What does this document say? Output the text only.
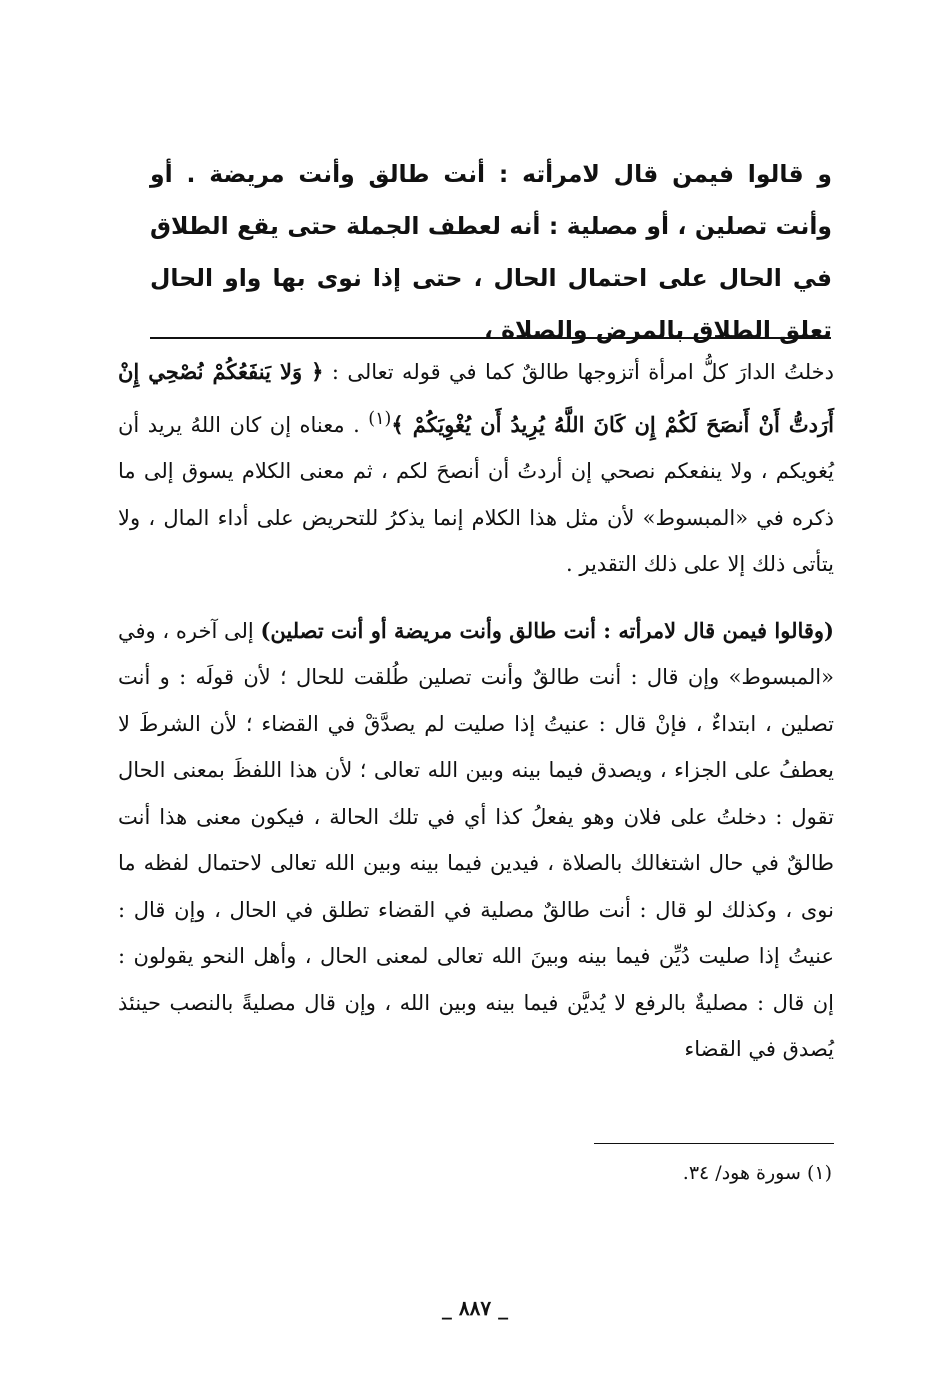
و قالوا فيمن قال لامرأته : أنت طالق وأنت مريضة . أو وأنت تصلين ، أو مصلية : أنه لعطف الجملة حتى يقع الطلاق في الحال على احتمال الحال ، حتى إذا نوى بها واو الحال تعلق الطلاق بالمرض والصلاة ،

دخلتُ الدارَ كلُّ امرأة أتزوجها طالقٌ كما في قوله تعالى : ﴿ وَلا يَنفَعُكُمْ نُصْحِي إِنْ أَرَدتُّ أَنْ أَنصَحَ لَكُمْ إِن كَانَ اللَّهُ يُرِيدُ أَن يُغْوِيَكُمْ ﴾$^{(١)}$ . معناه إن كان اللهُ يريد أن يُغويكم ، ولا ينفعكم نصحي إن أردتُ أن أنصحَ لكم ، ثم معنى الكلام يسوق إلى ما ذكره في «المبسوط» لأن مثل هذا الكلام إنما يذكرُ للتحريض على أداء المال ، ولا يتأتى ذلك إلا على ذلك التقدير .

(وقالوا فيمن قال لامرأته : أنت طالق وأنت مريضة أو أنت تصلين) إلى آخره ، وفي «المبسوط» وإن قال : أنت طالقٌ وأنت تصلين طُلقت للحال ؛ لأن قولَه : و أنت تصلين ، ابتداءٌ ، فإنْ قال : عنيتُ إذا صليت لم يصدَّقْ في القضاء ؛ لأن الشرطَ لا يعطفُ على الجزاء ، ويصدق فيما بينه وبين الله تعالى ؛ لأن هذا اللفظَ بمعنى الحال تقول : دخلتُ على فلان وهو يفعلُ كذا أي في تلك الحالة ، فيكون معنى هذا أنت طالقٌ في حال اشتغالك بالصلاة ، فيدين فيما بينه وبين الله تعالى لاحتمال لفظه ما نوى ، وكذلك لو قال : أنت طالقٌ مصلية في القضاء تطلق في الحال ، وإن قال : عنيتُ إذا صليت دُيِّن فيما بينه وبينَ الله تعالى لمعنى الحال ، وأهل النحو يقولون : إن قال : مصليةٌ بالرفع لا يُديَّن فيما بينه وبين الله ، وإن قال مصليةً بالنصب حينئذ يُصدق في القضاء

(١) سورة هود/ ٣٤.
_ ٨٨٧ _
